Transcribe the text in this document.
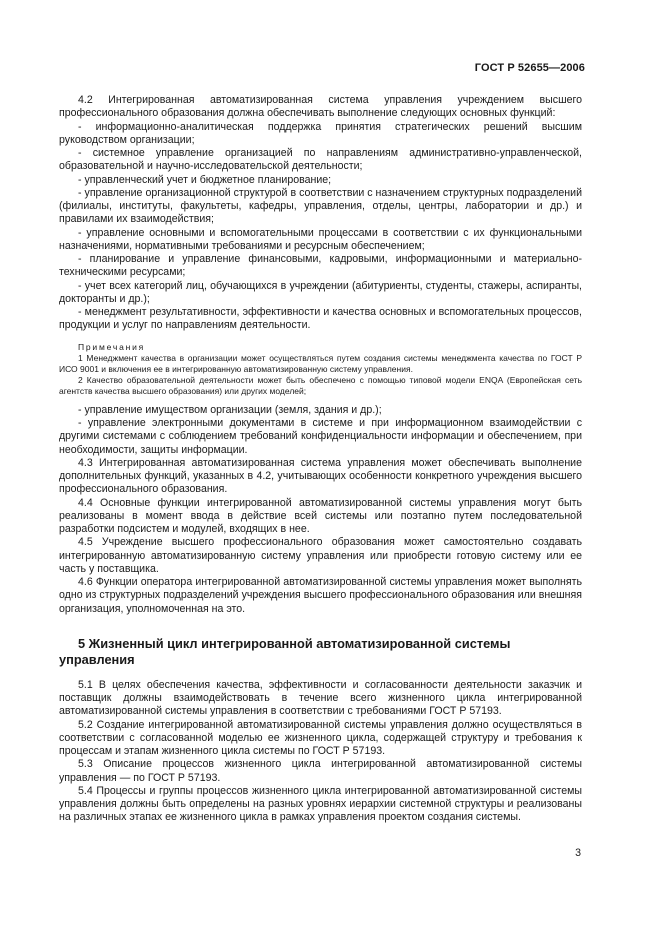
ГОСТ Р 52655—2006

4.2 Интегрированная автоматизированная система управления учреждением высшего профессионального образования должна обеспечивать выполнение следующих основных функций:

- информационно-аналитическая поддержка принятия стратегических решений высшим руководством организации;

- системное управление организацией по направлениям административно-управленческой, образовательной и научно-исследовательской деятельности;

- управленческий учет и бюджетное планирование;

- управление организационной структурой в соответствии с назначением структурных подразделений (филиалы, институты, факультеты, кафедры, управления, отделы, центры, лаборатории и др.) и правилами их взаимодействия;

- управление основными и вспомогательными процессами в соответствии с их функциональными назначениями, нормативными требованиями и ресурсным обеспечением;

- планирование и управление финансовыми, кадровыми, информационными и материально-техническими ресурсами;

- учет всех категорий лиц, обучающихся в учреждении (абитуриенты, студенты, стажеры, аспиранты, докторанты и др.);

- менеджмент результативности, эффективности и качества основных и вспомогательных процессов, продукции и услуг по направлениям деятельности.

Примечания

1 Менеджмент качества в организации может осуществляться путем создания системы менеджмента качества по ГОСТ Р ИСО 9001 и включения ее в интегрированную автоматизированную систему управления.

2 Качество образовательной деятельности может быть обеспечено с помощью типовой модели ENQA (Европейская сеть агентств качества высшего образования) или других моделей;

- управление имуществом организации (земля, здания и др.);

- управление электронными документами в системе и при информационном взаимодействии с другими системами с соблюдением требований конфиденциальности информации и обеспечением, при необходимости, защиты информации.

4.3 Интегрированная автоматизированная система управления может обеспечивать выполнение дополнительных функций, указанных в 4.2, учитывающих особенности конкретного учреждения высшего профессионального образования.

4.4 Основные функции интегрированной автоматизированной системы управления могут быть реализованы в момент ввода в действие всей системы или поэтапно путем последовательной разработки подсистем и модулей, входящих в нее.

4.5 Учреждение высшего профессионального образования может самостоятельно создавать интегрированную автоматизированную систему управления или приобрести готовую систему или ее часть у поставщика.

4.6 Функции оператора интегрированной автоматизированной системы управления может выполнять одно из структурных подразделений учреждения высшего профессионального образования или внешняя организация, уполномоченная на это.

5 Жизненный цикл интегрированной автоматизированной системы управления

5.1 В целях обеспечения качества, эффективности и согласованности деятельности заказчик и поставщик должны взаимодействовать в течение всего жизненного цикла интегрированной автоматизированной системы управления в соответствии с требованиями ГОСТ Р 57193.

5.2 Создание интегрированной автоматизированной системы управления должно осуществляться в соответствии с согласованной моделью ее жизненного цикла, содержащей структуру и требования к процессам и этапам жизненного цикла системы по ГОСТ Р 57193.

5.3 Описание процессов жизненного цикла интегрированной автоматизированной системы управления — по ГОСТ Р 57193.

5.4 Процессы и группы процессов жизненного цикла интегрированной автоматизированной системы управления должны быть определены на разных уровнях иерархии системной структуры и реализованы на различных этапах ее жизненного цикла в рамках управления проектом создания системы.

3
